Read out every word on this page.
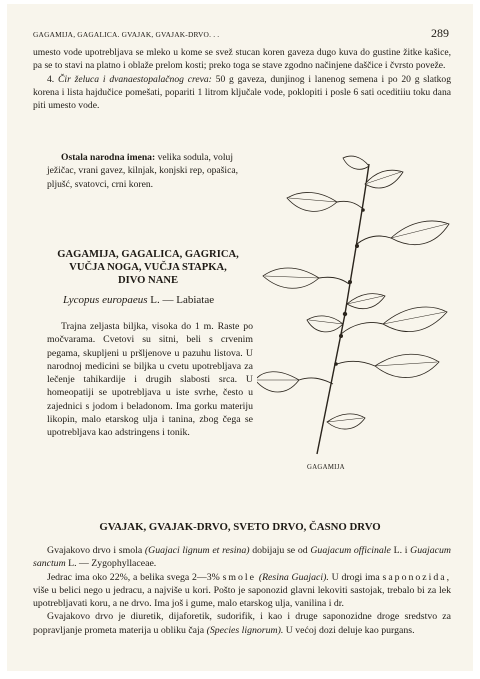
GAGAMIJA, GAGALICA. GVAJAK, GVAJAK-DRVO. . .	289

umesto vode upotrebljava se mleko u kome se svež stucan koren gaveza dugo kuva do gustine žitke kašice, pa se to stavi na platno i oblaže prelom kosti; preko toga se stave zgodno načinjene daščice i čvrsto poveže.

4. Čir želuca i dvanaestopalačnog creva: 50 g gaveza, dunjinog i lanenog semena i po 20 g slatkog korena i lista hajdučice pomešati, popariti 1 litrom ključale vode, poklopiti i posle 6 sati oceditiiu toku dana piti umesto vode.

Ostala narodna imena: velika sodula, voluj ježičac, vrani gavez, kilnjak, konjski rep, opašica, pljušć, svatovci, crni koren.
GAGAMIJA, GAGALICA, GAGRICA,
VUČJA NOGA, VUČJA STAPKA,
DIVO NANE
Lycopus europaeus L. — Labiatae
Trajna zeljasta biljka, visoka do 1 m. Raste po močvarama. Cvetovi su sitni, beli s crvenim pegama, skupljeni u pršljenove u pazuhu listova. U narodnoj medicini se biljka u cvetu upotrebljava za lečenje tahikardije i drugih slabosti srca. U homeopatiji se upotrebljava u iste svrhe, često u zajednici s jodom i beladonom. Ima gorku materiju likopin, malo etarskog ulja i tanina, zbog čega se upotrebljava kao adstringens i tonik.
GAGAMIJA
GVAJAK, GVAJAK-DRVO, SVETO DRVO, ČASNO DRVO

Gvajakovo drvo i smola (Guajaci lignum et resina) dobijaju se od Guajacum officinale L. i Guajacum sanctum L. — Zygophyllaceae.

Jedrac ima oko 22%, a belika svega 2—3% smole (Resina Guajaci). U drogi ima saponozida, više u belici nego u jedracu, a najviše u kori. Pošto je saponozid glavni lekoviti sastojak, trebalo bi za lek upotrebljavati koru, a ne drvo. Ima još i gume, malo etarskog ulja, vanilina i dr.

Gvajakovo drvo je diuretik, dijaforetik, sudorifik, i kao i druge saponozidne droge sredstvo za popravljanje prometa materija u obliku čaja (Species lignorum). U većoj dozi deluje kao purgans.
